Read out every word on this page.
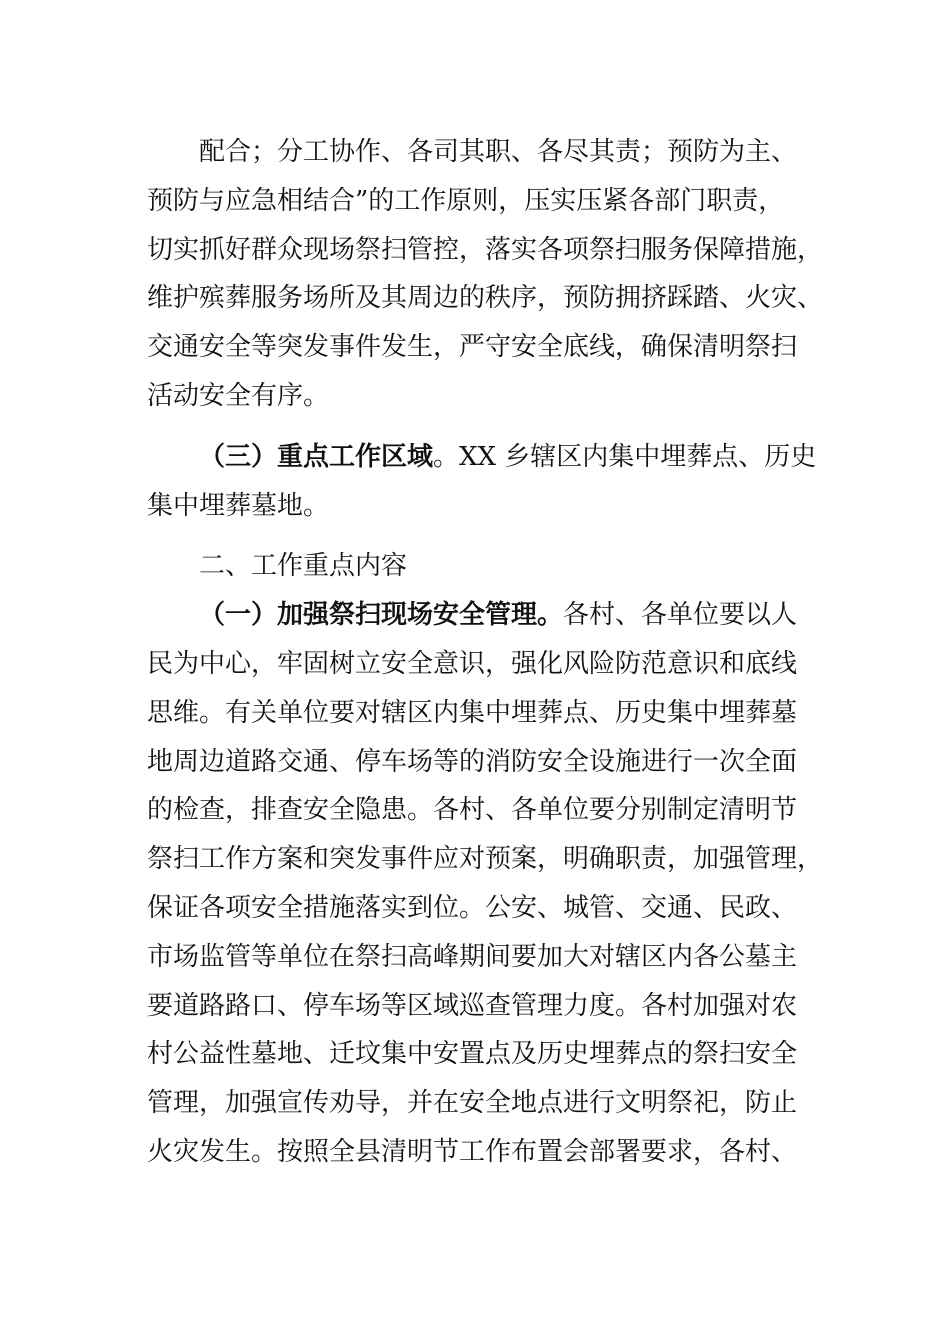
配合；分工协作、各司其职、各尽其责；预防为主、
预防与应急相结合”的工作原则，压实压紧各部门职责，
切实抓好群众现场祭扫管控，落实各项祭扫服务保障措施，
维护殡葬服务场所及其周边的秩序，预防拥挤踩踏、火灾、
交通安全等突发事件发生，严守安全底线，确保清明祭扫
活动安全有序。
（三）重点工作区域。XX 乡辖区内集中埋葬点、历史
集中埋葬墓地。
二、工作重点内容
（一）加强祭扫现场安全管理。各村、各单位要以人
民为中心，牢固树立安全意识，强化风险防范意识和底线
思维。有关单位要对辖区内集中埋葬点、历史集中埋葬墓
地周边道路交通、停车场等的消防安全设施进行一次全面
的检查，排查安全隐患。各村、各单位要分别制定清明节
祭扫工作方案和突发事件应对预案，明确职责，加强管理，
保证各项安全措施落实到位。公安、城管、交通、民政、
市场监管等单位在祭扫高峰期间要加大对辖区内各公墓主
要道路路口、停车场等区域巡查管理力度。各村加强对农
村公益性墓地、迁坟集中安置点及历史埋葬点的祭扫安全
管理，加强宣传劝导，并在安全地点进行文明祭祀，防止
火灾发生。按照全县清明节工作布置会部署要求，各村、
